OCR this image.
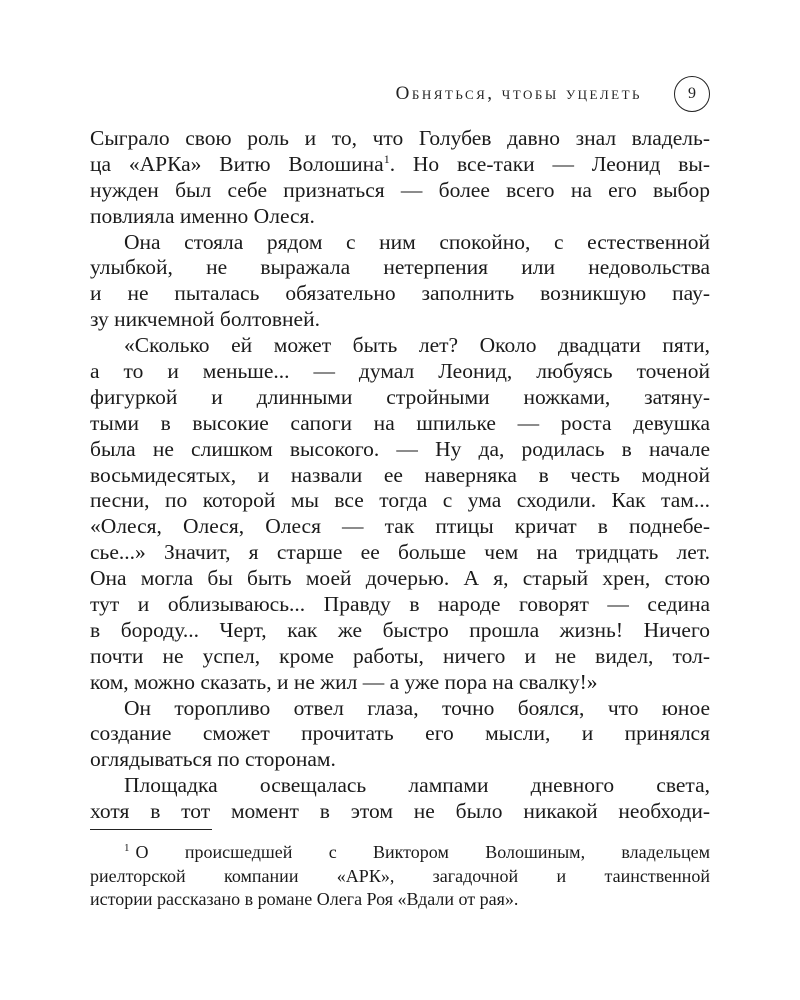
Обняться, чтобы уцелеть	9
Сыграло свою роль и то, что Голубев давно знал владель-
ца «АРКа» Витю Волошина$^1$. Но все-таки — Леонид вы-
нужден был себе признаться — более всего на его выбор
повлияла именно Олеся.
Она стояла рядом с ним спокойно, с естественной
улыбкой, не выражала нетерпения или недовольства
и не пыталась обязательно заполнить возникшую пау-
зу никчемной болтовней.
«Сколько ей может быть лет? Около двадцати пяти,
а то и меньше... — думал Леонид, любуясь точеной
фигуркой и длинными стройными ножками, затяну-
тыми в высокие сапоги на шпильке — роста девушка
была не слишком высокого. — Ну да, родилась в начале
восьмидесятых, и назвали ее наверняка в честь модной
песни, по которой мы все тогда с ума сходили. Как там...
«Олеся, Олеся, Олеся — так птицы кричат в поднебе-
сье...» Значит, я старше ее больше чем на тридцать лет.
Она могла бы быть моей дочерью. А я, старый хрен, стою
тут и облизываюсь... Правду в народе говорят — седина
в бороду... Черт, как же быстро прошла жизнь! Ничего
почти не успел, кроме работы, ничего и не видел, тол-
ком, можно сказать, и не жил — а уже пора на свалку!»
Он торопливо отвел глаза, точно боялся, что юное
создание сможет прочитать его мысли, и принялся
оглядываться по сторонам.
Площадка освещалась лампами дневного света,
хотя в тот момент в этом не было никакой необходи-
$^1$ О происшедшей с Виктором Волошиным, владельцем
риелторской компании «АРК», загадочной и таинственной
истории рассказано в романе Олега Роя «Вдали от рая».
